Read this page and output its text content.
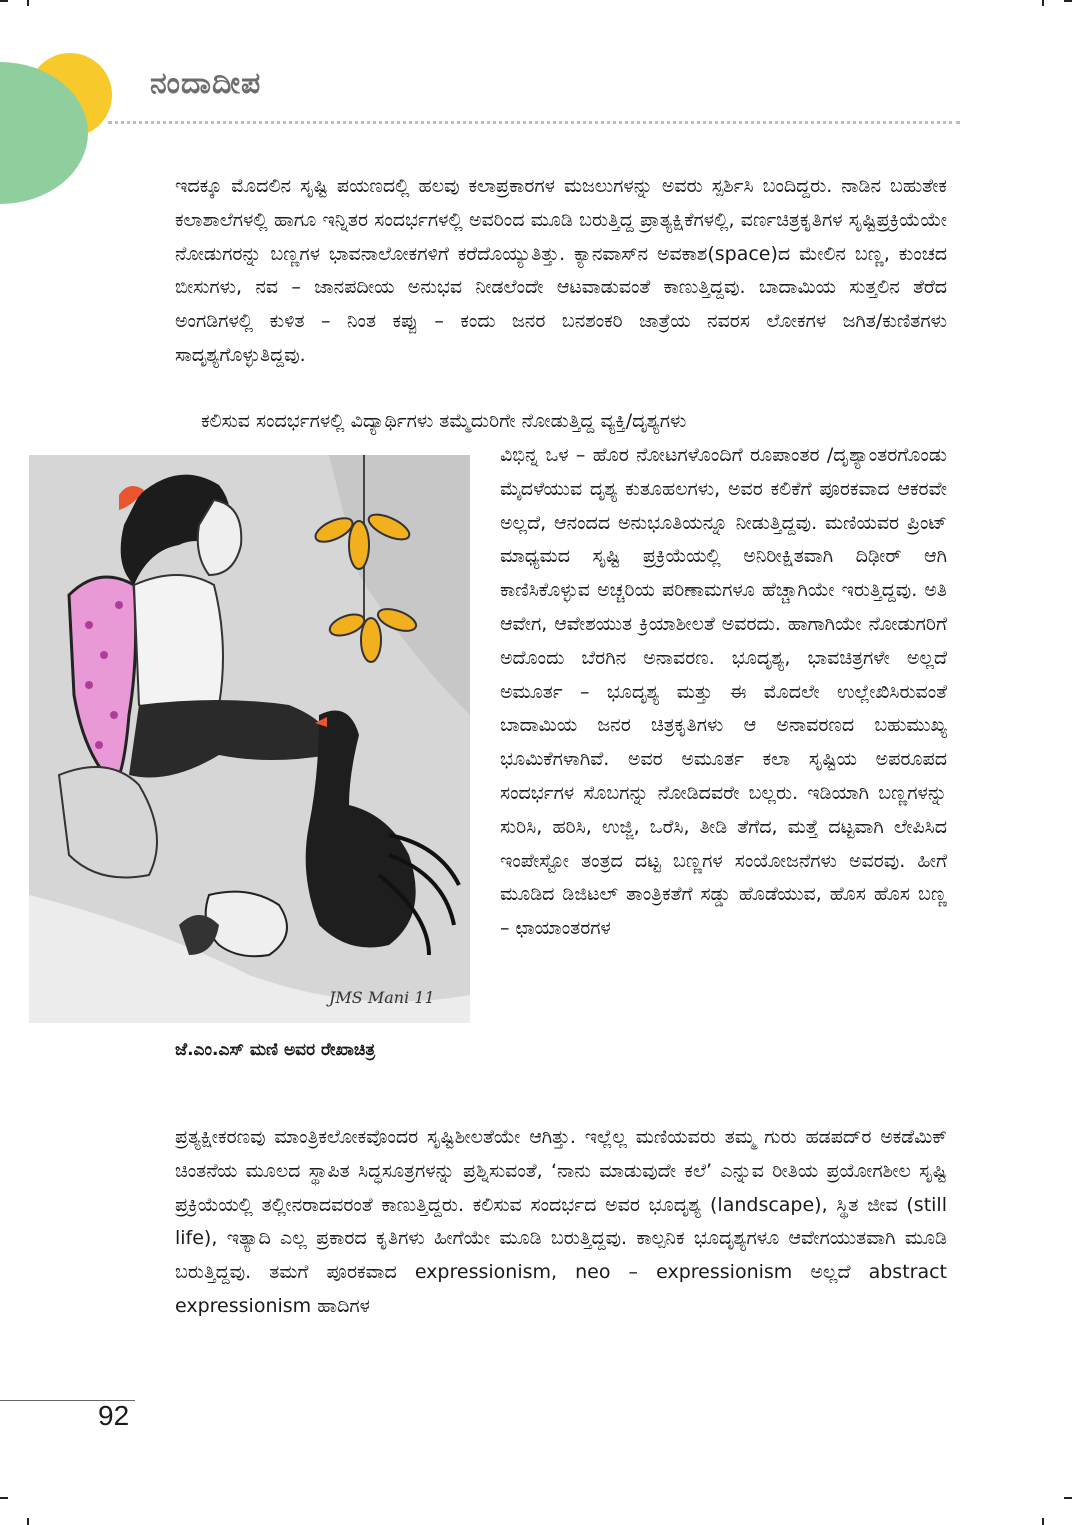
ನಂದಾದೀಪ

ಇದಕ್ಕೂ ಮೊದಲಿನ ಸೃಷ್ಟಿ ಪಯಣದಲ್ಲಿ ಹಲವು ಕಲಾಪ್ರಕಾರಗಳ ಮಜಲುಗಳನ್ನು ಅವರು ಸ್ಪರ್ಶಿಸಿ ಬಂದಿದ್ದರು. ನಾಡಿನ ಬಹುತೇಕ ಕಲಾಶಾಲೆಗಳಲ್ಲಿ ಹಾಗೂ ಇನ್ನಿತರ ಸಂದರ್ಭಗಳಲ್ಲಿ ಅವರಿಂದ ಮೂಡಿ ಬರುತ್ತಿದ್ದ ಪ್ರಾತ್ಯಕ್ಷಿಕೆಗಳಲ್ಲಿ, ವರ್ಣಚಿತ್ರಕೃತಿಗಳ ಸೃಷ್ಟಿಪ್ರಕ್ರಿಯೆಯೇ ನೋಡುಗರನ್ನು ಬಣ್ಣಗಳ ಭಾವನಾಲೋಕಗಳಿಗೆ ಕರೆದೊಯ್ಯುತಿತ್ತು. ಕ್ಯಾನವಾಸ್‌ನ ಅವಕಾಶ(space)ದ ಮೇಲಿನ ಬಣ್ಣ, ಕುಂಚದ ಬೀಸುಗಳು, ನವ – ಜಾನಪದೀಯ ಅನುಭವ ನೀಡಲೆಂದೇ ಆಟವಾಡುವಂತೆ ಕಾಣುತ್ತಿದ್ದವು. ಬಾದಾಮಿಯ ಸುತ್ತಲಿನ ತೆರೆದ ಅಂಗಡಿಗಳಲ್ಲಿ ಕುಳಿತ – ನಿಂತ ಕಪ್ಪು – ಕಂದು ಜನರ ಬನಶಂಕರಿ ಜಾತ್ರೆಯ ನವರಸ ಲೋಕಗಳ ಜಗಿತ/ಕುಣಿತಗಳು ಸಾದೃಶ್ಯಗೊಳ್ಳುತಿದ್ದವು.

ಕಲಿಸುವ ಸಂದರ್ಭಗಳಲ್ಲಿ ವಿದ್ಯಾರ್ಥಿಗಳು ತಮ್ಮೆದುರಿಗೇ ನೋಡುತ್ತಿದ್ದ ವ್ಯಕ್ತಿ/ದೃಶ್ಯಗಳು

ವಿಭಿನ್ನ ಒಳ – ಹೊರ ನೋಟಗಳೊಂದಿಗೆ ರೂಪಾಂತರ /ದೃಶ್ಯಾಂತರಗೊಂಡು ಮೈದಳೆಯುವ ದೃಶ್ಯ ಕುತೂಹಲಗಳು, ಅವರ ಕಲಿಕೆಗೆ ಪೂರಕವಾದ ಆಕರವೇ ಅಲ್ಲದೆ, ಆನಂದದ ಅನುಭೂತಿಯನ್ನೂ ನೀಡುತ್ತಿದ್ದವು. ಮಣಿಯವರ ಪ್ರಿಂಟ್ ಮಾಧ್ಯಮದ ಸೃಷ್ಟಿ ಪ್ರಕ್ರಿಯೆಯಲ್ಲಿ ಅನಿರೀಕ್ಷಿತವಾಗಿ ದಿಢೀರ್ ಆಗಿ ಕಾಣಿಸಿಕೊಳ್ಳುವ ಅಚ್ಚರಿಯ ಪರಿಣಾಮಗಳೂ ಹೆಚ್ಚಾಗಿಯೇ ಇರುತ್ತಿದ್ದವು. ಅತಿ ಆವೇಗ, ಆವೇಶಯುತ ಕ್ರಿಯಾಶೀಲತೆ ಅವರದು. ಹಾಗಾಗಿಯೇ ನೋಡುಗರಿಗೆ ಅದೊಂದು ಬೆರಗಿನ ಅನಾವರಣ. ಭೂದೃಶ್ಯ, ಭಾವಚಿತ್ರಗಳೇ ಅಲ್ಲದೆ ಅಮೂರ್ತ – ಭೂದೃಶ್ಯ ಮತ್ತು ಈ ಮೊದಲೇ ಉಲ್ಲೇಖಿಸಿರುವಂತೆ ಬಾದಾಮಿಯ ಜನರ ಚಿತ್ರಕೃತಿಗಳು ಆ ಅನಾವರಣದ ಬಹುಮುಖ್ಯ ಭೂಮಿಕೆಗಳಾಗಿವೆ. ಅವರ ಅಮೂರ್ತ ಕಲಾ ಸೃಷ್ಟಿಯ ಅಪರೂಪದ ಸಂದರ್ಭಗಳ ಸೊಬಗನ್ನು ನೋಡಿದವರೇ ಬಲ್ಲರು. ಇಡಿಯಾಗಿ ಬಣ್ಣಗಳನ್ನು ಸುರಿಸಿ, ಹರಿಸಿ, ಉಜ್ಜಿ, ಒರೆಸಿ, ತೀಡಿ ತೆಗೆದ, ಮತ್ತೆ ದಟ್ಟವಾಗಿ ಲೇಪಿಸಿದ ಇಂಪೇಸ್ಟೋ ತಂತ್ರದ ದಟ್ಟ ಬಣ್ಣಗಳ ಸಂಯೋಜನೆಗಳು ಅವರವು. ಹೀಗೆ ಮೂಡಿದ ಡಿಜಿಟಲ್ ತಾಂತ್ರಿಕತೆಗೆ ಸಡ್ಡು ಹೊಡೆಯುವ, ಹೊಸ ಹೊಸ ಬಣ್ಣ – ಛಾಯಾಂತರಗಳ

JMS Mani 11
ಜೆ.ಎಂ.ಎಸ್ ಮಣಿ ಅವರ ರೇಖಾಚಿತ್ರ

ಪ್ರತ್ಯಕ್ಷೀಕರಣವು ಮಾಂತ್ರಿಕಲೋಕವೊಂದರ ಸೃಷ್ಟಿಶೀಲತೆಯೇ ಆಗಿತ್ತು. ಇಲ್ಲೆಲ್ಲ ಮಣಿಯವರು ತಮ್ಮ ಗುರು ಹಡಪದ್‌ರ ಅಕಡೆಮಿಕ್ ಚಿಂತನೆಯ ಮೂಲದ ಸ್ಥಾಪಿತ ಸಿದ್ಧಸೂತ್ರಗಳನ್ನು ಪ್ರಶ್ನಿಸುವಂತೆ, ‘ನಾನು ಮಾಡುವುದೇ ಕಲೆ’ ಎನ್ನುವ ರೀತಿಯ ಪ್ರಯೋಗಶೀಲ ಸೃಷ್ಟಿ ಪ್ರಕ್ರಿಯೆಯಲ್ಲಿ ತಲ್ಲೀನರಾದವರಂತೆ ಕಾಣುತ್ತಿದ್ದರು. ಕಲಿಸುವ ಸಂದರ್ಭದ ಅವರ ಭೂದೃಶ್ಯ (landscape), ಸ್ಥಿತ ಜೀವ (still life), ಇತ್ಯಾದಿ ಎಲ್ಲ ಪ್ರಕಾರದ ಕೃತಿಗಳು ಹೀಗೆಯೇ ಮೂಡಿ ಬರುತ್ತಿದ್ದವು. ಕಾಲ್ಪನಿಕ ಭೂದೃಶ್ಯಗಳೂ ಆವೇಗಯುತವಾಗಿ ಮೂಡಿ ಬರುತ್ತಿದ್ದವು. ತಮಗೆ ಪೂರಕವಾದ expressionism, neo – expressionism ಅಲ್ಲದೆ abstract expressionism ಹಾದಿಗಳ

92
